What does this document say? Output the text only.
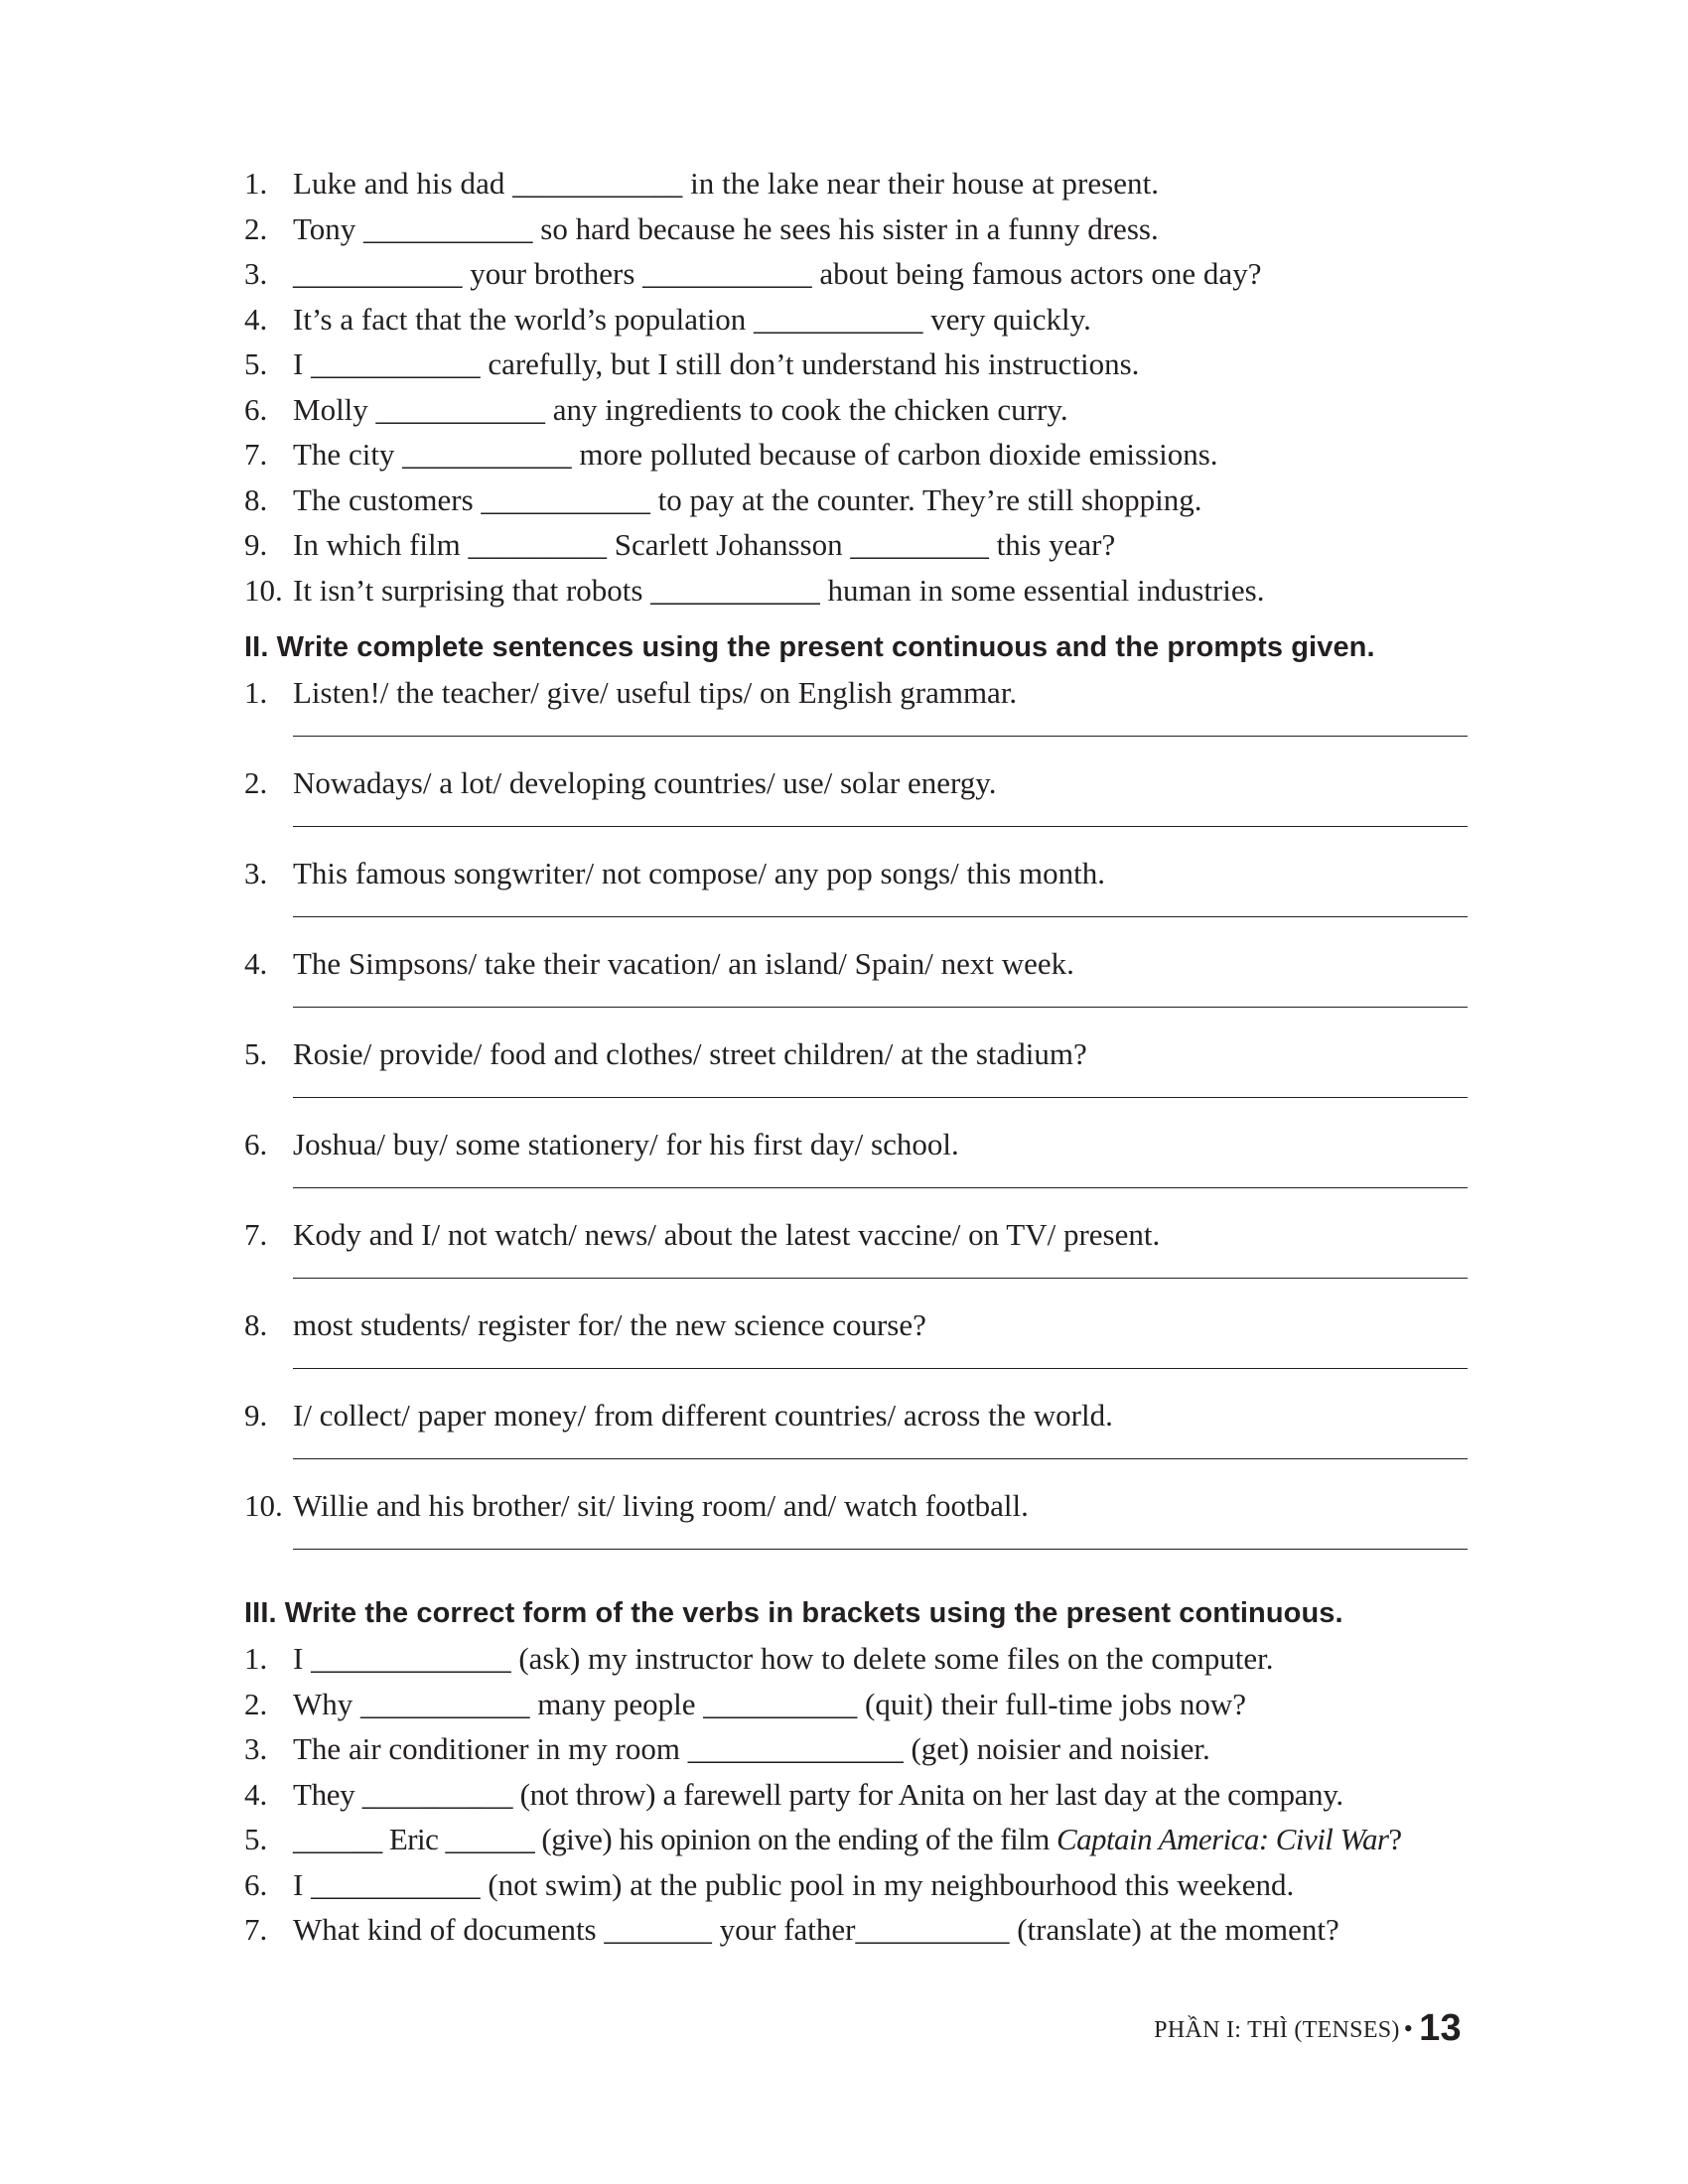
1. Luke and his dad ___________ in the lake near their house at present.
2. Tony ___________ so hard because he sees his sister in a funny dress.
3. ___________ your brothers ___________ about being famous actors one day?
4. It’s a fact that the world’s population ___________ very quickly.
5. I ___________ carefully, but I still don’t understand his instructions.
6. Molly ___________ any ingredients to cook the chicken curry.
7. The city ___________ more polluted because of carbon dioxide emissions.
8. The customers ___________ to pay at the counter. They’re still shopping.
9. In which film _________ Scarlett Johansson _________ this year?
10. It isn’t surprising that robots ___________ human in some essential industries.
II. Write complete sentences using the present continuous and the prompts given.
1. Listen!/ the teacher/ give/ useful tips/ on English grammar.
2. Nowadays/ a lot/ developing countries/ use/ solar energy.
3. This famous songwriter/ not compose/ any pop songs/ this month.
4. The Simpsons/ take their vacation/ an island/ Spain/ next week.
5. Rosie/ provide/ food and clothes/ street children/ at the stadium?
6. Joshua/ buy/ some stationery/ for his first day/ school.
7. Kody and I/ not watch/ news/ about the latest vaccine/ on TV/ present.
8. most students/ register for/ the new science course?
9. I/ collect/ paper money/ from different countries/ across the world.
10. Willie and his brother/ sit/ living room/ and/ watch football.
III. Write the correct form of the verbs in brackets using the present continuous.
1. I _____________ (ask) my instructor how to delete some files on the computer.
2. Why ___________ many people __________ (quit) their full-time jobs now?
3. The air conditioner in my room ______________ (get) noisier and noisier.
4. They __________ (not throw) a farewell party for Anita on her last day at the company.
5. ______ Eric ______ (give) his opinion on the ending of the film Captain America: Civil War?
6. I ___________ (not swim) at the public pool in my neighbourhood this weekend.
7. What kind of documents _______ your father__________ (translate) at the moment?
PHẦN I: THÌ (TENSES) • 13
